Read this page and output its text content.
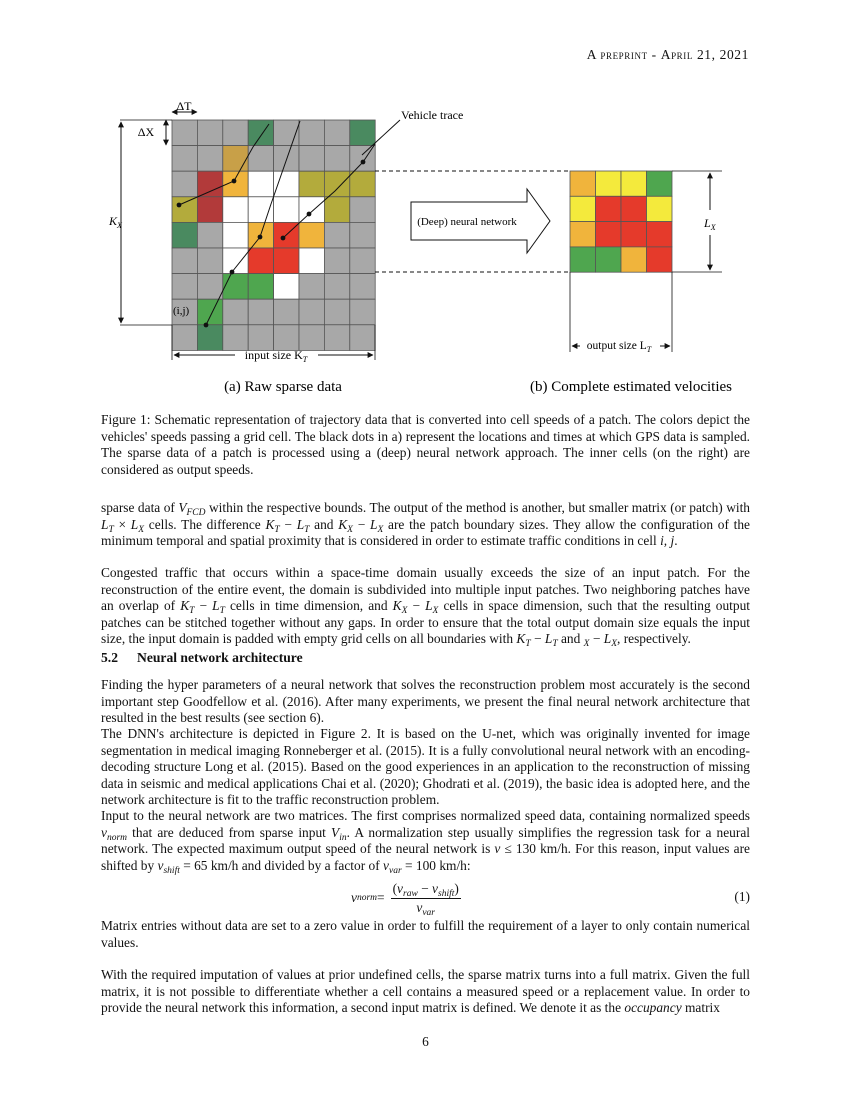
A preprint - April 21, 2021
ΔT
ΔX
Vehicle trace
$K_X$
(i,j)
input size $K_T$
(Deep) neural network	$L_X$
output size $L_T$
(a) Raw sparse data	(b) Complete estimated velocities
Figure 1: Schematic representation of trajectory data that is converted into cell speeds of a patch. The colors depict the vehicles' speeds passing a grid cell. The black dots in a) represent the locations and times at which GPS data is sampled. The sparse data of a patch is processed using a (deep) neural network approach. The inner cells (on the right) are considered as output speeds.
sparse data of $V_{FCD}$ within the respective bounds. The output of the method is another, but smaller matrix (or patch) with $L_T \times L_X$ cells. The difference $K_T - L_T$ and $K_X - L_X$ are the patch boundary sizes. They allow the configuration of the minimum temporal and spatial proximity that is considered in order to estimate traffic conditions in cell i, j.
Congested traffic that occurs within a space-time domain usually exceeds the size of an input patch. For the reconstruction of the entire event, the domain is subdivided into multiple input patches. Two neighboring patches have an overlap of $K_T - L_T$ cells in time dimension, and $K_X - L_X$ cells in space dimension, such that the resulting output patches can be stitched together without any gaps. In order to ensure that the total output domain size equals the input size, the input domain is padded with empty grid cells on all boundaries with $K_T - L_T$ and $_X - L_X$, respectively.
5.2 Neural network architecture
Finding the hyper parameters of a neural network that solves the reconstruction problem most accurately is the second important step Goodfellow et al. (2016). After many experiments, we present the final neural network architecture that resulted in the best results (see section 6).
The DNN's architecture is depicted in Figure 2. It is based on the U-net, which was originally invented for image segmentation in medical imaging Ronneberger et al. (2015). It is a fully convolutional neural network with an encoding-decoding structure Long et al. (2015). Based on the good experiences in an application to the reconstruction of missing data in seismic and medical applications Chai et al. (2020); Ghodrati et al. (2019), the basic idea is adopted here, and the network architecture is fit to the traffic reconstruction problem.
Input to the neural network are two matrices. The first comprises normalized speed data, containing normalized speeds $v_{norm}$ that are deduced from sparse input $V_{in}$. A normalization step usually simplifies the regression task for a neural network. The expected maximum output speed of the neural network is v ≤ 130 km/h. For this reason, input values are shifted by $v_{shift} = 65$ km/h and divided by a factor of $v_{var} = 100$ km/h:
v norm = $\frac{(v_{raw} - v_{shift})}{v_{var}}$	(1)
Matrix entries without data are set to a zero value in order to fulfill the requirement of a layer to only contain numerical values.
With the required imputation of values at prior undefined cells, the sparse matrix turns into a full matrix. Given the full matrix, it is not possible to differentiate whether a cell contains a measured speed or a replacement value. In order to provide the neural network this information, a second input matrix is defined. We denote it as the occupancy matrix
6
